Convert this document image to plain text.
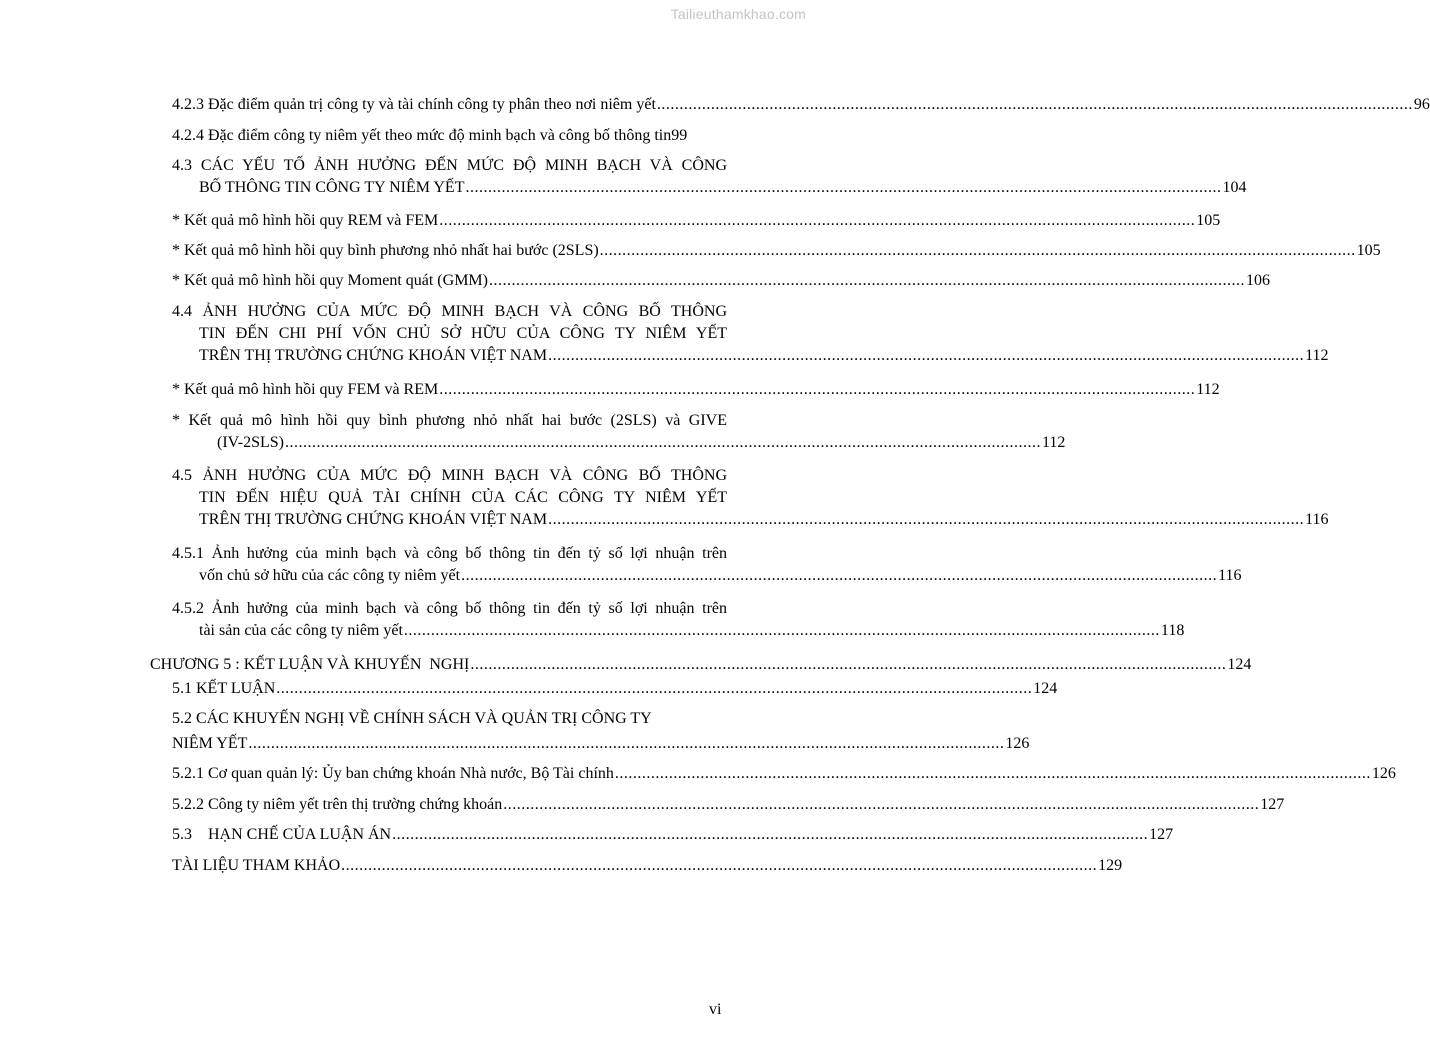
Tailieuthamkhao.com
4.2.3 Đặc điểm quản trị công ty và tài chính công ty phân theo nơi niêm yết ........................................................................................................................................................................ 96
4.2.4 Đặc điểm công ty niêm yết theo mức độ minh bạch và công bố thông tin 99
4.3 CÁC YẾU TỐ ẢNH HƯỞNG ĐẾN MỨC ĐỘ MINH BẠCH VÀ CÔNG
BỐ THÔNG TIN CÔNG TY NIÊM YẾT ........................................................................................................................................................................ 104
* Kết quả mô hình hồi quy REM và FEM ........................................................................................................................................................................ 105
* Kết quả mô hình hồi quy bình phương nhỏ nhất hai bước (2SLS) ........................................................................................................................................................................ 105
* Kết quả mô hình hồi quy Moment quát (GMM) ........................................................................................................................................................................ 106
4.4 ẢNH HƯỞNG CỦA MỨC ĐỘ MINH BẠCH VÀ CÔNG BỐ THÔNG
TIN ĐẾN CHI PHÍ VỐN CHỦ SỞ HỮU CỦA CÔNG TY NIÊM YẾT
TRÊN THỊ TRƯỜNG CHỨNG KHOÁN VIỆT NAM ........................................................................................................................................................................ 112
* Kết quả mô hình hồi quy FEM và REM ........................................................................................................................................................................ 112
* Kết quả mô hình hồi quy bình phương nhỏ nhất hai bước (2SLS) và GIVE
(IV-2SLS) ........................................................................................................................................................................ 112
4.5 ẢNH HƯỞNG CỦA MỨC ĐỘ MINH BẠCH VÀ CÔNG BỐ THÔNG
TIN ĐẾN HIỆU QUẢ TÀI CHÍNH CỦA CÁC CÔNG TY NIÊM YẾT
TRÊN THỊ TRƯỜNG CHỨNG KHOÁN VIỆT NAM ........................................................................................................................................................................ 116
4.5.1 Ảnh hưởng của minh bạch và công bố thông tin đến tỷ số lợi nhuận trên
vốn chủ sở hữu của các công ty niêm yết ........................................................................................................................................................................ 116
4.5.2 Ảnh hưởng của minh bạch và công bố thông tin đến tỷ số lợi nhuận trên
tài sản của các công ty niêm yết ........................................................................................................................................................................ 118
CHƯƠNG 5 : KẾT LUẬN VÀ KHUYẾN  NGHỊ ........................................................................................................................................................................ 124
5.1 KẾT LUẬN ........................................................................................................................................................................ 124
5.2 CÁC KHUYẾN NGHỊ VỀ CHÍNH SÁCH VÀ QUẢN TRỊ CÔNG TY
NIÊM YẾT ........................................................................................................................................................................ 126
5.2.1 Cơ quan quản lý: Ủy ban chứng khoán Nhà nước, Bộ Tài chính ........................................................................................................................................................................ 126
5.2.2 Công ty niêm yết trên thị trường chứng khoán ........................................................................................................................................................................ 127
5.3    HẠN CHẾ CỦA LUẬN ÁN ........................................................................................................................................................................ 127
TÀI LIỆU THAM KHẢO ........................................................................................................................................................................ 129
vi
